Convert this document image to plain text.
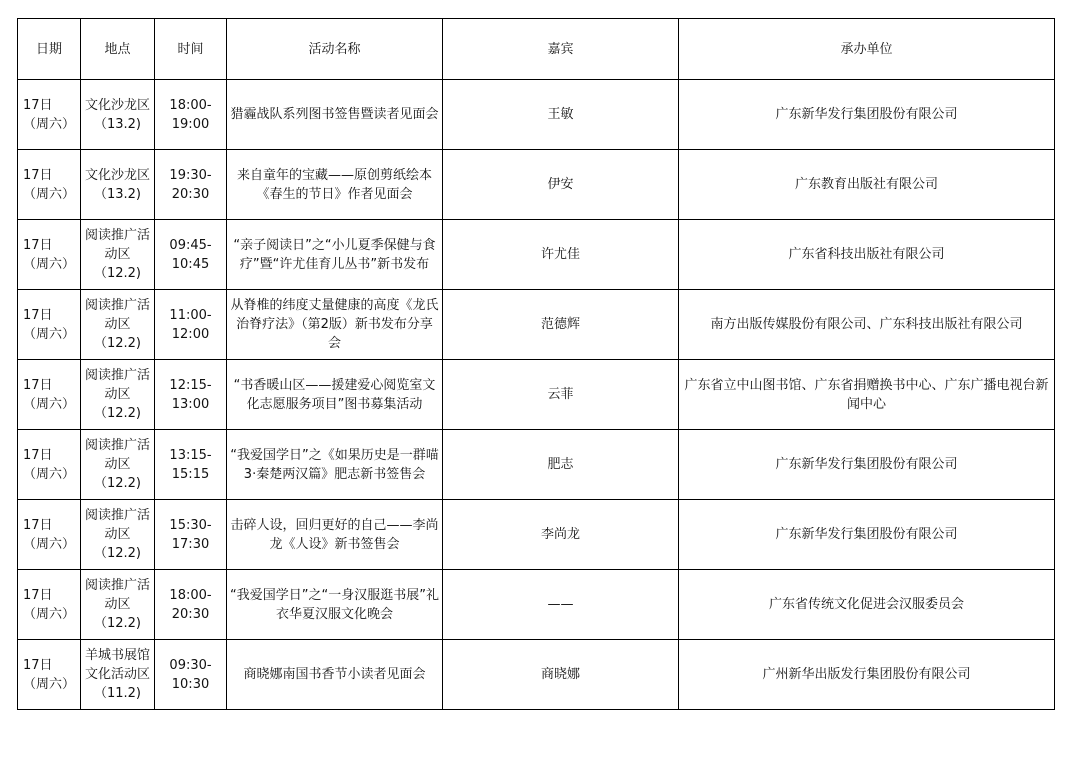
日期	地点	时间	活动名称	嘉宾	承办单位
17日（周六）	文化沙龙区（13.2)	18:00-19:00	猎霾战队系列图书签售暨读者见面会	王敏	广东新华发行集团股份有限公司
17日（周六）	文化沙龙区（13.2)	19:30-20:30	来自童年的宝藏——原创剪纸绘本《春生的节日》作者见面会	伊安	广东教育出版社有限公司
17日（周六）	阅读推广活动区（12.2)	09:45-10:45	“亲子阅读日”之“小儿夏季保健与食疗”暨“许尤佳育儿丛书”新书发布	许尤佳	广东省科技出版社有限公司
17日（周六）	阅读推广活动区（12.2)	11:00-12:00	从脊椎的纬度丈量健康的高度《龙氏治脊疗法》（第2版）新书发布分享会	范德辉	南方出版传媒股份有限公司、广东科技出版社有限公司
17日（周六）	阅读推广活动区（12.2)	12:15-13:00	“书香暖山区——援建爱心阅览室文化志愿服务项目”图书募集活动	云菲	广东省立中山图书馆、广东省捐赠换书中心、广东广播电视台新闻中心
17日（周六）	阅读推广活动区（12.2)	13:15-15:15	“我爱国学日”之《如果历史是一群喵3·秦楚两汉篇》肥志新书签售会	肥志	广东新华发行集团股份有限公司
17日（周六）	阅读推广活动区（12.2)	15:30-17:30	击碎人设，回归更好的自己——李尚龙《人设》新书签售会	李尚龙	广东新华发行集团股份有限公司
17日（周六）	阅读推广活动区（12.2)	18:00-20:30	“我爱国学日”之“一身汉服逛书展”礼衣华夏汉服文化晚会	——	广东省传统文化促进会汉服委员会
17日（周六）	羊城书展馆文化活动区（11.2)	09:30-10:30	商晓娜南国书香节小读者见面会	商晓娜	广州新华出版发行集团股份有限公司
